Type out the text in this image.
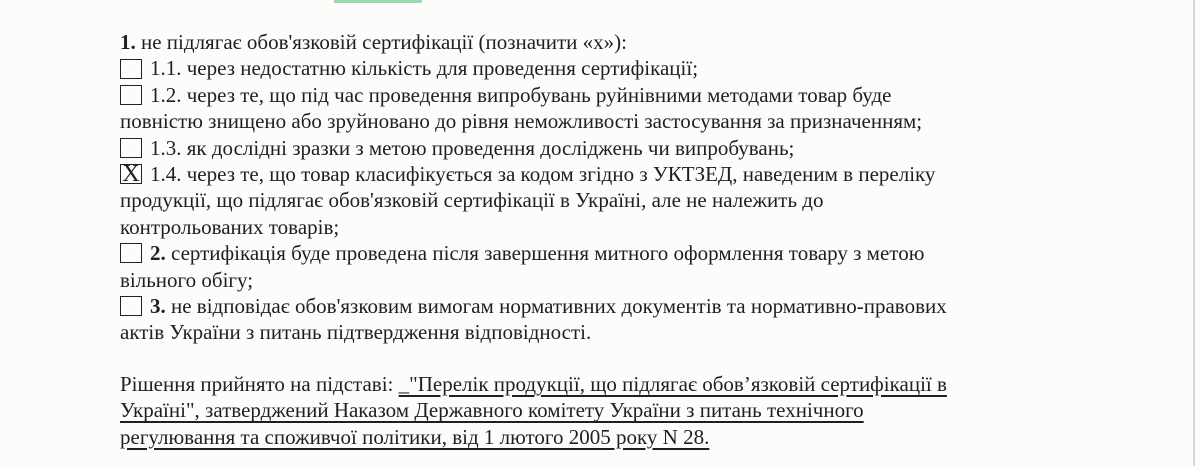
1. не підлягає обов'язковій сертифікації (позначити «х»):
1.1. через недостатню кількість для проведення сертифікації;
1.2. через те, що під час проведення випробувань руйнівними методами товар буде
повністю знищено або зруйновано до рівня неможливості застосування за призначенням;
1.3. як дослідні зразки з метою проведення досліджень чи випробувань;
X 1.4. через те, що товар класифікується за кодом згідно з УКТЗЕД, наведеним в переліку
продукції, що підлягає обов'язковій сертифікації в Україні, але не належить до
контрольованих товарів;
2. сертифікація буде проведена після завершення митного оформлення товару з метою
вільного обігу;
3. не відповідає обов'язковим вимогам нормативних документів та нормативно-правових
актів України з питань підтвердження відповідності.
Рішення прийнято на підставі: _"Перелік продукції, що підлягає обов’язковій сертифікації в
Україні", затверджений Наказом Державного комітету України з питань технічного
регулювання та споживчої політики, від 1 лютого 2005 року N 28.
